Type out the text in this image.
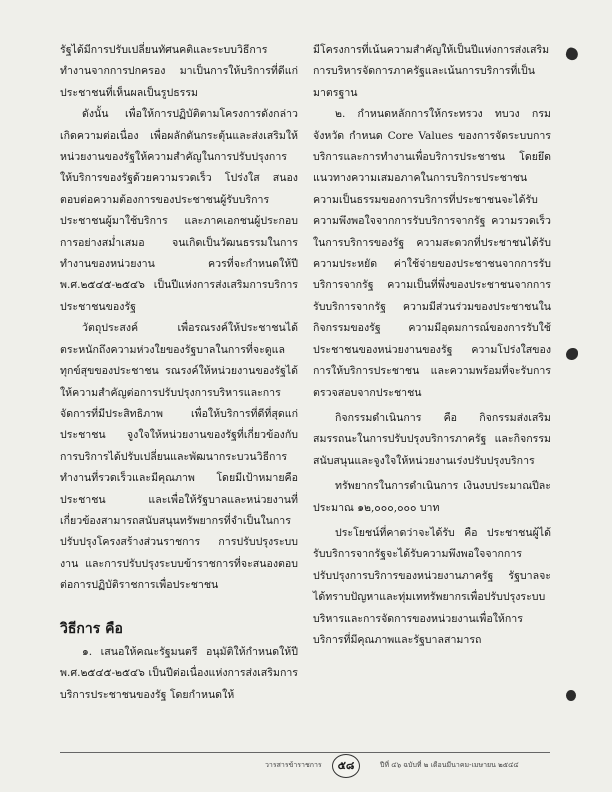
รัฐได้มีการปรับเปลี่ยนทัศนคติและระบบวิธีการทำงานจากการปกครอง มาเป็นการให้บริการที่ดีแก่ประชาชนที่เห็นผลเป็นรูปธรรม

ดังนั้น เพื่อให้การปฏิบัติตามโครงการดังกล่าวเกิดความต่อเนื่อง เพื่อผลักดันกระตุ้นและส่งเสริมให้หน่วยงานของรัฐให้ความสำคัญในการปรับปรุงการให้บริการของรัฐด้วยความรวดเร็ว โปร่งใส สนองตอบต่อความต้องการของประชาชนผู้รับบริการ ประชาชนผู้มาใช้บริการ และภาคเอกชนผู้ประกอบการอย่างสม่ำเสมอ จนเกิดเป็นวัฒนธรรมในการทำงานของหน่วยงาน ควรที่จะกำหนดให้ปี พ.ศ.๒๕๔๕-๒๕๔๖ เป็นปีแห่งการส่งเสริมการบริการประชาชนของรัฐ

วัตถุประสงค์ เพื่อรณรงค์ให้ประชาชนได้ตระหนักถึงความห่วงใยของรัฐบาลในการที่จะดูแลทุกข์สุขของประชาชน รณรงค์ให้หน่วยงานของรัฐได้ให้ความสำคัญต่อการปรับปรุงการบริหารและการจัดการที่มีประสิทธิภาพ เพื่อให้บริการที่ดีที่สุดแก่ประชาชน จูงใจให้หน่วยงานของรัฐที่เกี่ยวข้องกับการบริการได้ปรับเปลี่ยนและพัฒนากระบวนวิธีการทำงานที่รวดเร็วและมีคุณภาพ โดยมีเป้าหมายคือ ประชาชน และเพื่อให้รัฐบาลและหน่วยงานที่เกี่ยวข้องสามารถสนับสนุนทรัพยากรที่จำเป็นในการปรับปรุงโครงสร้างส่วนราชการ การปรับปรุงระบบงาน และการปรับปรุงระบบข้าราชการที่จะสนองตอบต่อการปฏิบัติราชการเพื่อประชาชน

วิธีการ คือ

๑. เสนอให้คณะรัฐมนตรี อนุมัติให้กำหนดให้ปี พ.ศ.๒๕๔๕-๒๕๔๖ เป็นปีต่อเนื่องแห่งการส่งเสริมการบริการประชาชนของรัฐ โดยกำหนดให้

มีโครงการที่เน้นความสำคัญให้เป็นปีแห่งการส่งเสริมการบริหารจัดการภาครัฐและเน้นการบริการที่เป็นมาตรฐาน

๒. กำหนดหลักการให้กระทรวง ทบวง กรม จังหวัด กำหนด Core Values ของการจัดระบบการบริการและการทำงานเพื่อบริการประชาชน โดยยึดแนวทางความเสมอภาคในการบริการประชาชน ความเป็นธรรมของการบริการที่ประชาชนจะได้รับ ความพึงพอใจจากการรับบริการจากรัฐ ความรวดเร็วในการบริการของรัฐ ความสะดวกที่ประชาชนได้รับ ความประหยัด ค่าใช้จ่ายของประชาชนจากการรับบริการจากรัฐ ความเป็นที่พึ่งของประชาชนจากการรับบริการจากรัฐ ความมีส่วนร่วมของประชาชนในกิจกรรมของรัฐ ความมีอุดมการณ์ของการรับใช้ประชาชนของหน่วยงานของรัฐ ความโปร่งใสของการให้บริการประชาชน และความพร้อมที่จะรับการตรวจสอบจากประชาชน

กิจกรรมดำเนินการ คือ กิจกรรมส่งเสริมสมรรถนะในการปรับปรุงบริการภาครัฐ และกิจกรรมสนับสนุนและจูงใจให้หน่วยงานเร่งปรับปรุงบริการ

ทรัพยากรในการดำเนินการ เงินงบประมาณปีละประมาณ ๑๒,๐๐๐,๐๐๐ บาท

ประโยชน์ที่คาดว่าจะได้รับ คือ ประชาชนผู้ได้รับบริการจากรัฐจะได้รับความพึงพอใจจากการปรับปรุงการบริการของหน่วยงานภาครัฐ รัฐบาลจะได้ทราบปัญหาและทุ่มเททรัพยากรเพื่อปรับปรุงระบบบริหารและการจัดการของหน่วยงานเพื่อให้การบริการที่มีคุณภาพและรัฐบาลสามารถ

วารสารข้าราชการ	๕๘	ปีที่ ๔๖ ฉบับที่ ๒ เดือนมีนาคม-เมษายน ๒๕๔๔
